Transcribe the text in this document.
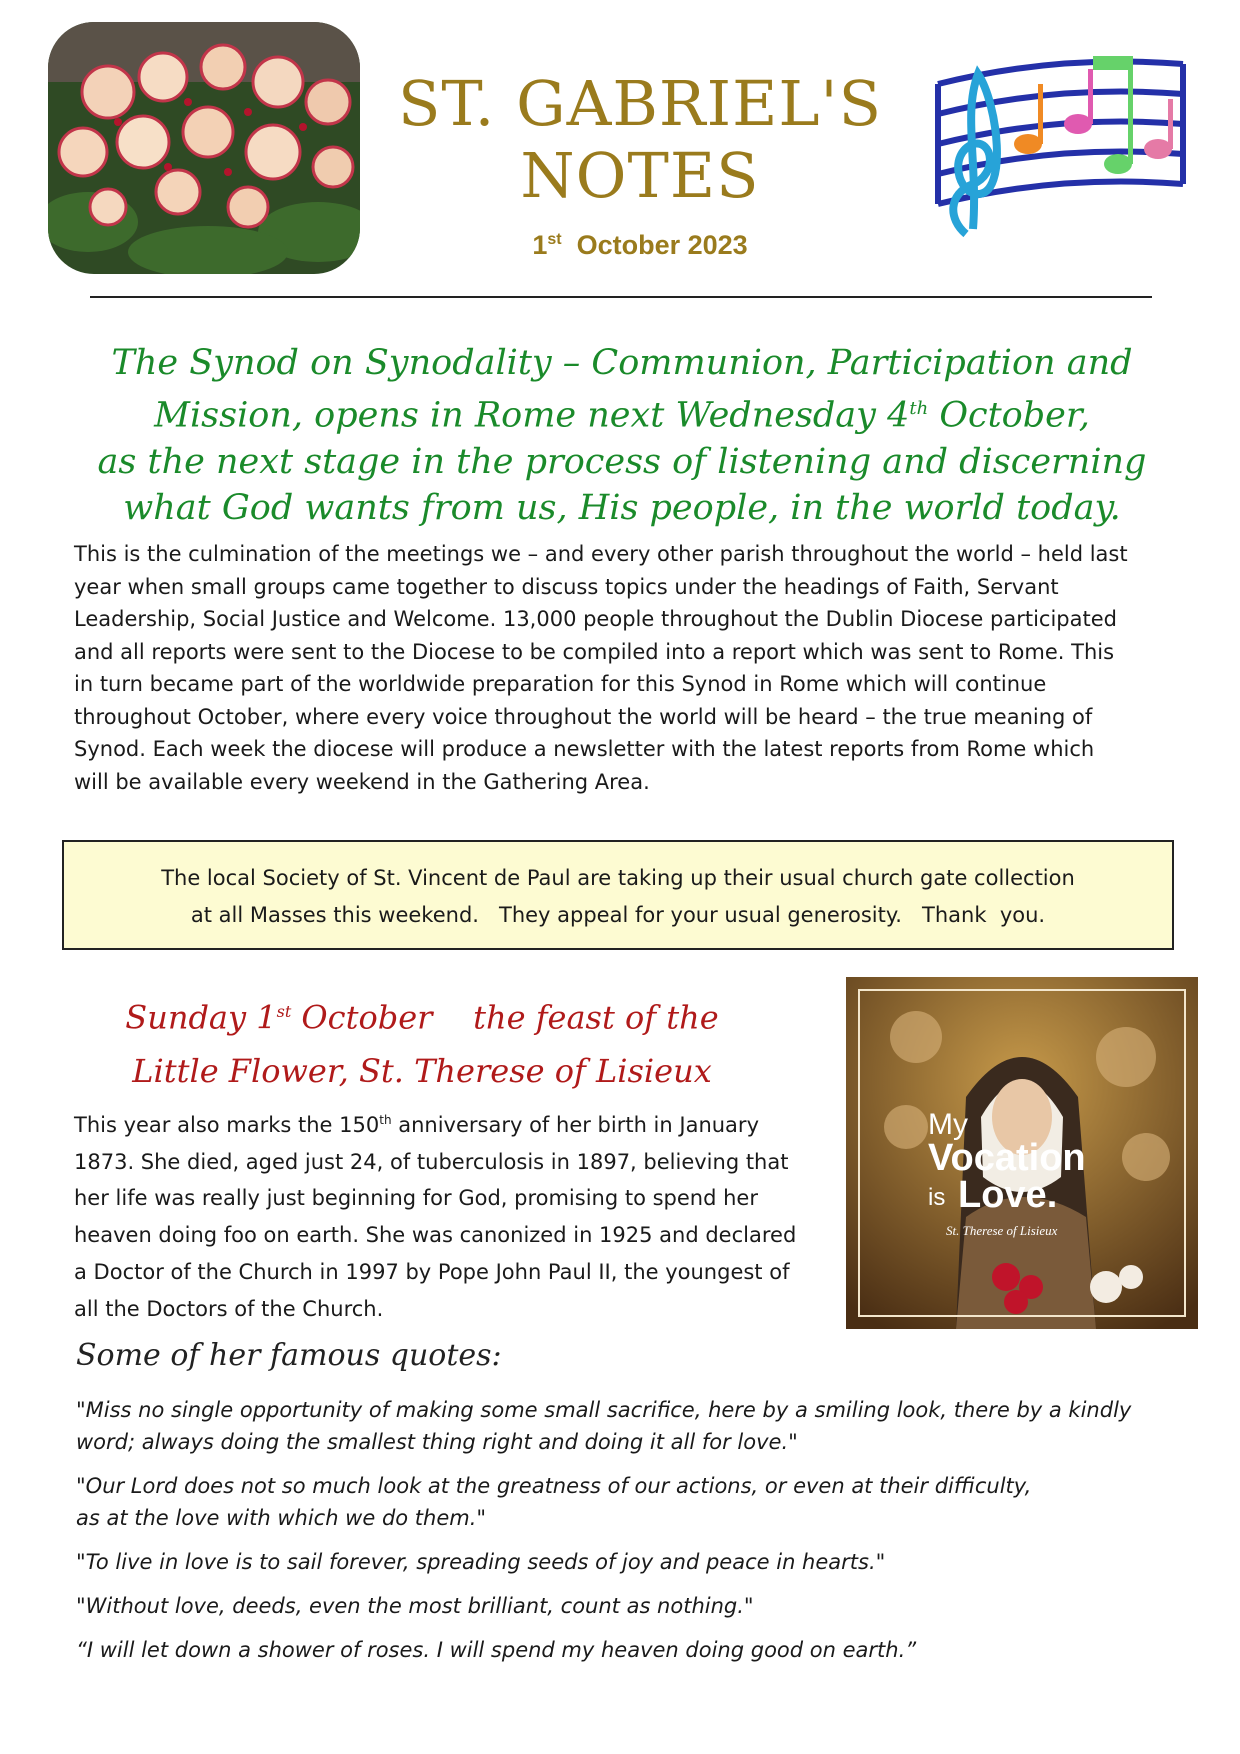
ST. GABRIEL'S
NOTES
1st October 2023
The Synod on Synodality – Communion, Participation and
Mission, opens in Rome next Wednesday 4th October,
as the next stage in the process of listening and discerning
what God wants from us, His people, in the world today.
This is the culmination of the meetings we – and every other parish throughout the world – held last
year when small groups came together to discuss topics under the headings of Faith, Servant
Leadership, Social Justice and Welcome. 13,000 people throughout the Dublin Diocese participated
and all reports were sent to the Diocese to be compiled into a report which was sent to Rome. This
in turn became part of the worldwide preparation for this Synod in Rome which will continue
throughout October, where every voice throughout the world will be heard – the true meaning of
Synod. Each week the diocese will produce a newsletter with the latest reports from Rome which
will be available every weekend in the Gathering Area.
The local Society of St. Vincent de Paul are taking up their usual church gate collection
at all Masses this weekend.   They appeal for your usual generosity.   Thank  you.
Sunday 1st October    the feast of the
Little Flower, St. Therese of Lisieux
This year also marks the 150th anniversary of her birth in January
1873. She died, aged just 24, of tuberculosis in 1897, believing that
her life was really just beginning for God, promising to spend her
heaven doing foo on earth. She was canonized in 1925 and declared
a Doctor of the Church in 1997 by Pope John Paul II, the youngest of
all the Doctors of the Church.
My
Vocation
is Love.
St. Therese of Lisieux
Some of her famous quotes:
"Miss no single opportunity of making some small sacrifice, here by a smiling look, there by a kindly
word; always doing the smallest thing right and doing it all for love."
"Our Lord does not so much look at the greatness of our actions, or even at their difficulty,
as at the love with which we do them."
"To live in love is to sail forever, spreading seeds of joy and peace in hearts."
"Without love, deeds, even the most brilliant, count as nothing."
“I will let down a shower of roses. I will spend my heaven doing good on earth.”
